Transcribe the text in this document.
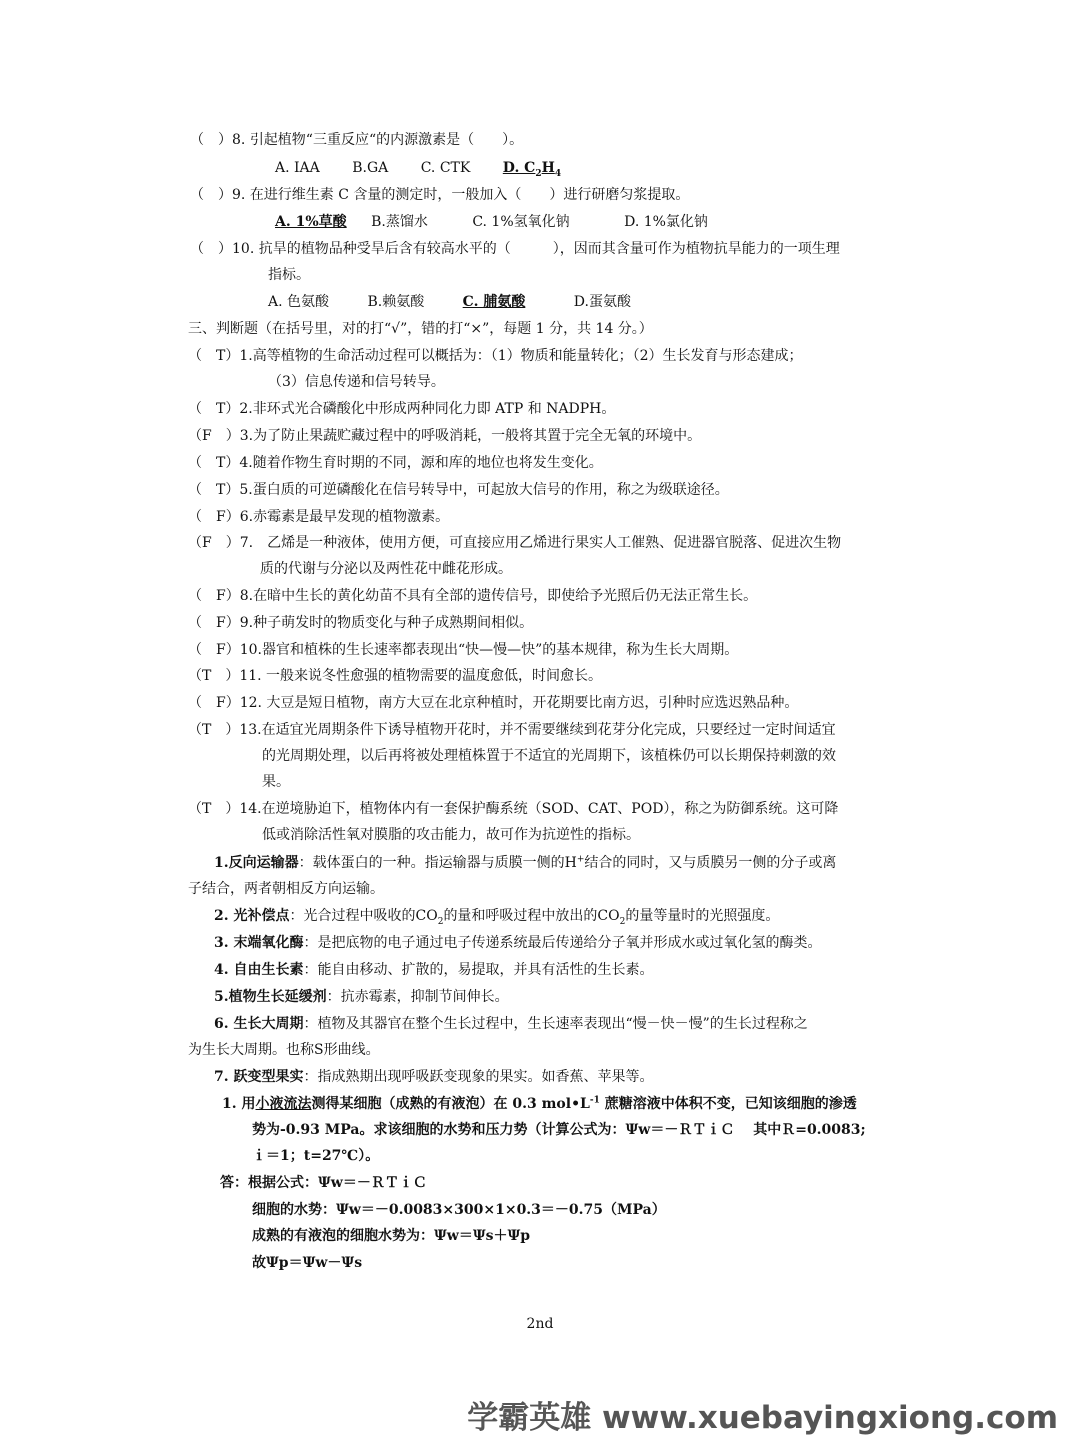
（　）8. 引起植物“三重反应“的内源激素是（　　）。
A. IAA B.GA C. CTK D. $C_2H_4$
（　）9. 在进行维生素 C 含量的测定时，一般加入（　　）进行研磨匀浆提取。
A. 1%草酸 B.蒸馏水	C. 1%氢氧化钠	D. 1%氯化钠
（　）10. 抗旱的植物品种受旱后含有较高水平的（　　　），因而其含量可作为植物抗旱能力的一项生理
指标。
A. 色氨酸	B.赖氨酸	C. 脯氨酸	D.蛋氨酸
三、判断题（在括号里，对的打“√”，错的打“×”，每题 1 分，共 14 分。）
（　T）1.高等植物的生命活动过程可以概括为：（1）物质和能量转化；（2）生长发育与形态建成；
（3）信息传递和信号转导。
（　T）2.非环式光合磷酸化中形成两种同化力即 ATP 和 NADPH。
（F　）3.为了防止果蔬贮藏过程中的呼吸消耗，一般将其置于完全无氧的环境中。
（　T）4.随着作物生育时期的不同，源和库的地位也将发生变化。
（　T）5.蛋白质的可逆磷酸化在信号转导中，可起放大信号的作用，称之为级联途径。
（　F）6.赤霉素是最早发现的植物激素。
（F　）7.　乙烯是一种液体，使用方便，可直接应用乙烯进行果实人工催熟、促进器官脱落、促进次生物
质的代谢与分泌以及两性花中雌花形成。
（　F）8.在暗中生长的黄化幼苗不具有全部的遗传信号，即使给予光照后仍无法正常生长。
（　F）9.种子萌发时的物质变化与种子成熟期间相似。
（　F）10.器官和植株的生长速率都表现出“快—慢—快”的基本规律，称为生长大周期。
（T　）11. 一般来说冬性愈强的植物需要的温度愈低，时间愈长。
（　F）12. 大豆是短日植物，南方大豆在北京种植时，开花期要比南方迟，引种时应选迟熟品种。
（T　）13.在适宜光周期条件下诱导植物开花时，并不需要继续到花芽分化完成，只要经过一定时间适宜
的光周期处理，以后再将被处理植株置于不适宜的光周期下，该植株仍可以长期保持刺激的效
果。
（T　）14.在逆境胁迫下，植物体内有一套保护酶系统（SOD、CAT、POD），称之为防御系统。这可降
低或消除活性氧对膜脂的攻击能力，故可作为抗逆性的指标。
1.反向运输器：载体蛋白的一种。指运输器与质膜一侧的H+结合的同时，又与质膜另一侧的分子或离
子结合，两者朝相反方向运输。
2. 光补偿点：光合过程中吸收的$CO_2$的量和呼吸过程中放出的$CO_2$的量等量时的光照强度。
3. 末端氧化酶：是把底物的电子通过电子传递系统最后传递给分子氧并形成水或过氧化氢的酶类。
4. 自由生长素：能自由移动、扩散的，易提取，并具有活性的生长素。
5.植物生长延缓剂：抗赤霉素，抑制节间伸长。
6. 生长大周期：植物及其器官在整个生长过程中，生长速率表现出“慢－快－慢”的生长过程称之
为生长大周期。也称S形曲线。
7. 跃变型果实：指成熟期出现呼吸跃变现象的果实。如香蕉、苹果等。
1. 用小液流法测得某细胞（成熟的有液泡）在 0.3 $mol•L^{-1}$ 蔗糖溶液中体积不变，已知该细胞的渗透
势为-0.93 MPa。求该细胞的水势和压力势（计算公式为：Ψw＝－ＲＴｉＣ　 其中Ｒ=0.0083;
ｉ＝1；t=27℃）。
答：根据公式：Ψw＝－ＲＴｉＣ
细胞的水势：Ψw＝－0.0083×300×1×0.3＝－0.75（MPa）
成熟的有液泡的细胞水势为：Ψw＝Ψs＋Ψp
故Ψp＝Ψw－Ψs
2nd
学霸英雄 www.xuebayingxiong.com
